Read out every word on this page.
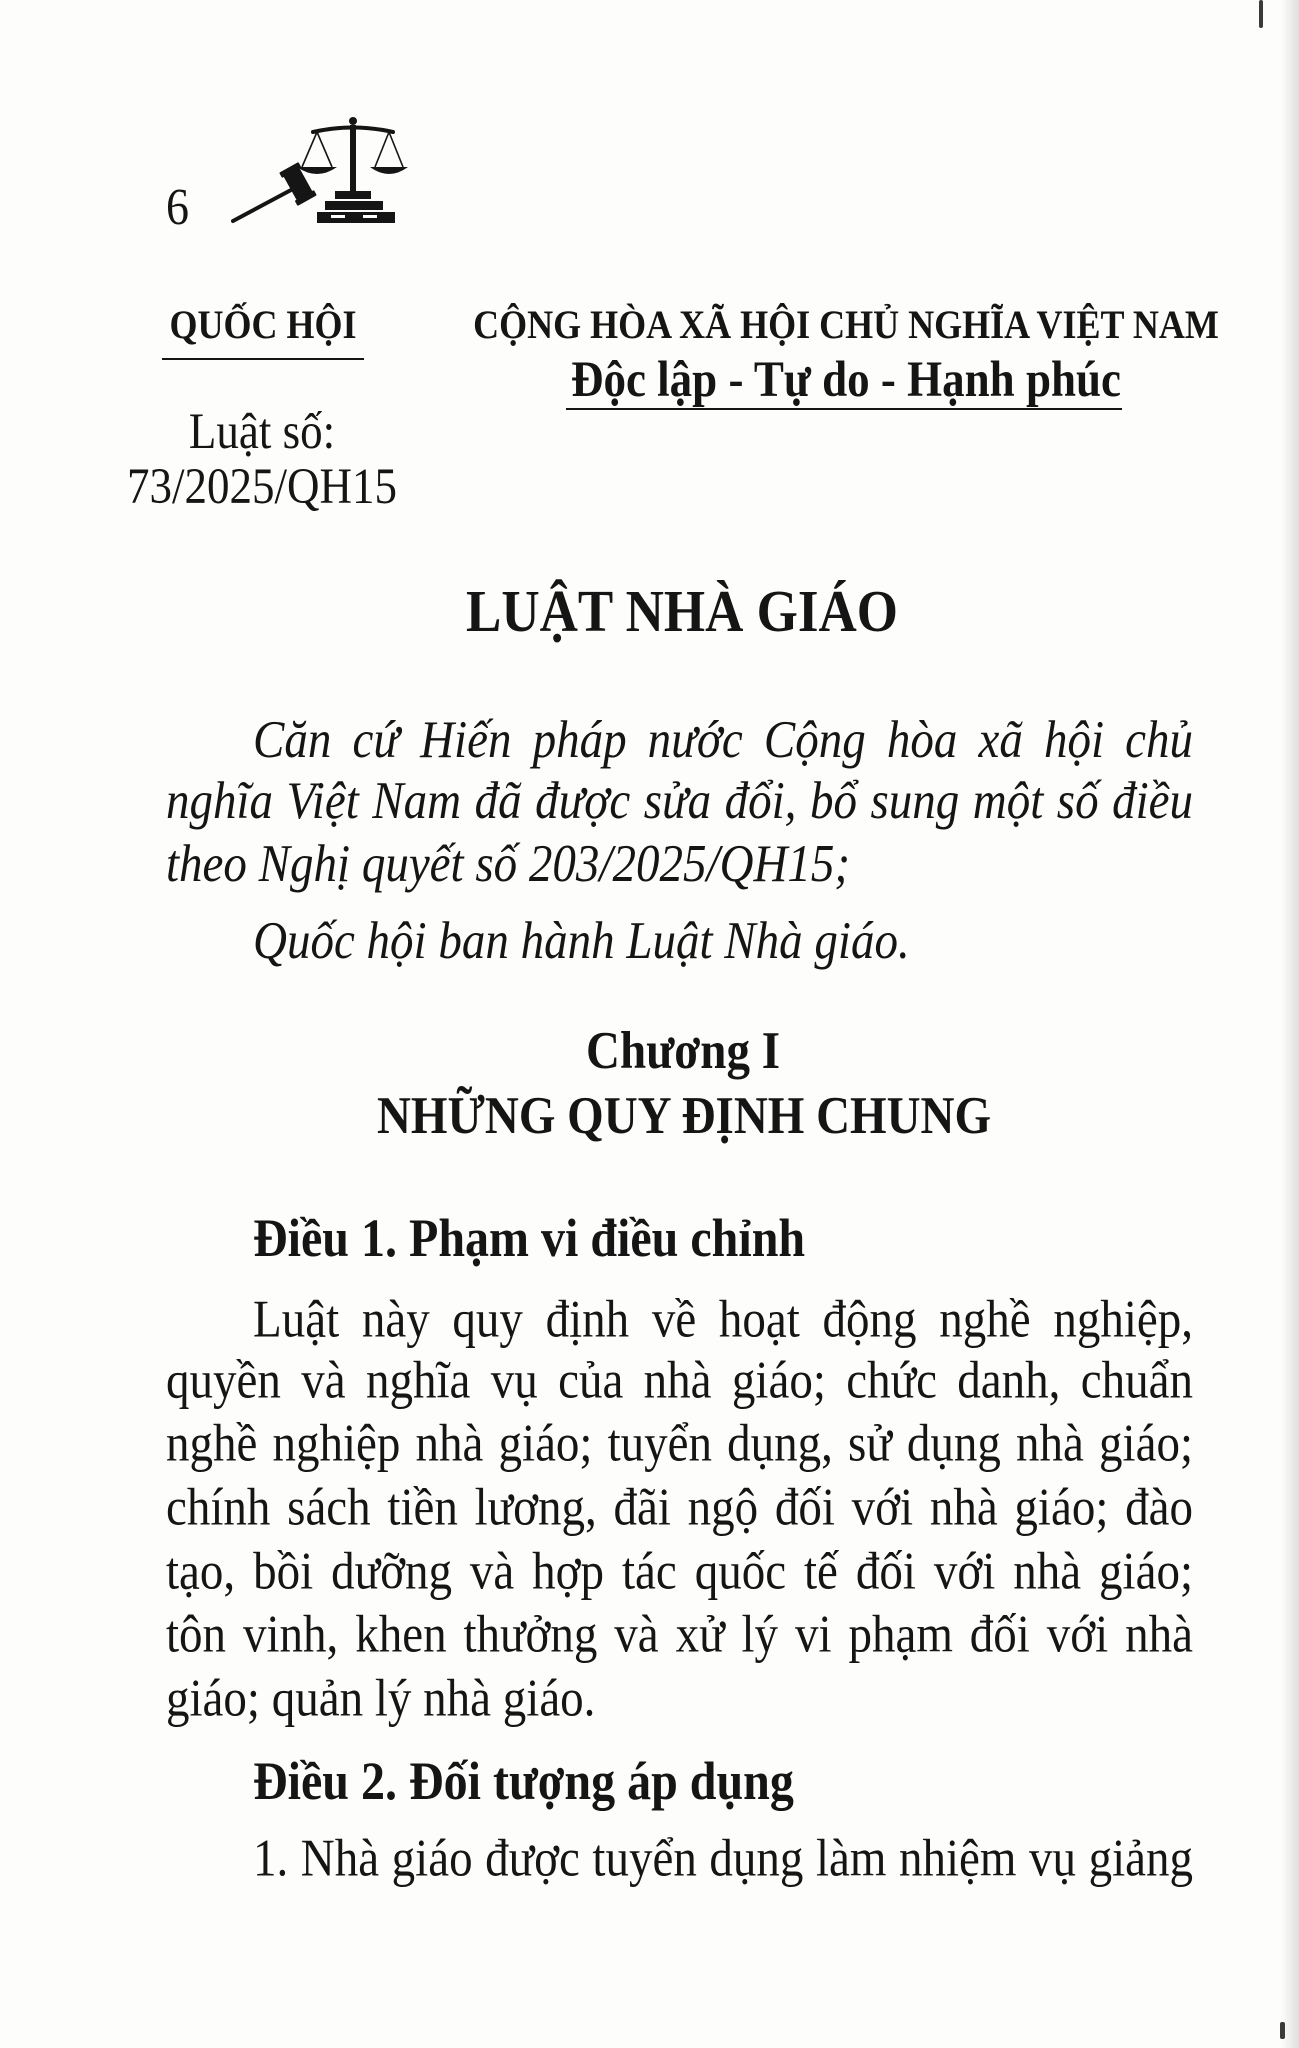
6
QUỐC HỘI
Luật số:
73/2025/QH15
CỘNG HÒA XÃ HỘI CHỦ NGHĨA VIỆT NAM
Độc lập - Tự do - Hạnh phúc
LUẬT NHÀ GIÁO
Căn cứ Hiến pháp nước Cộng hòa xã hội chủ
nghĩa Việt Nam đã được sửa đổi, bổ sung một số điều
theo Nghị quyết số 203/2025/QH15;
Quốc hội ban hành Luật Nhà giáo.
Chương I
NHỮNG QUY ĐỊNH CHUNG
Điều 1. Phạm vi điều chỉnh
Luật này quy định về hoạt động nghề nghiệp,
quyền và nghĩa vụ của nhà giáo; chức danh, chuẩn
nghề nghiệp nhà giáo; tuyển dụng, sử dụng nhà giáo;
chính sách tiền lương, đãi ngộ đối với nhà giáo; đào
tạo, bồi dưỡng và hợp tác quốc tế đối với nhà giáo;
tôn vinh, khen thưởng và xử lý vi phạm đối với nhà
giáo; quản lý nhà giáo.
Điều 2. Đối tượng áp dụng
1. Nhà giáo được tuyển dụng làm nhiệm vụ giảng
